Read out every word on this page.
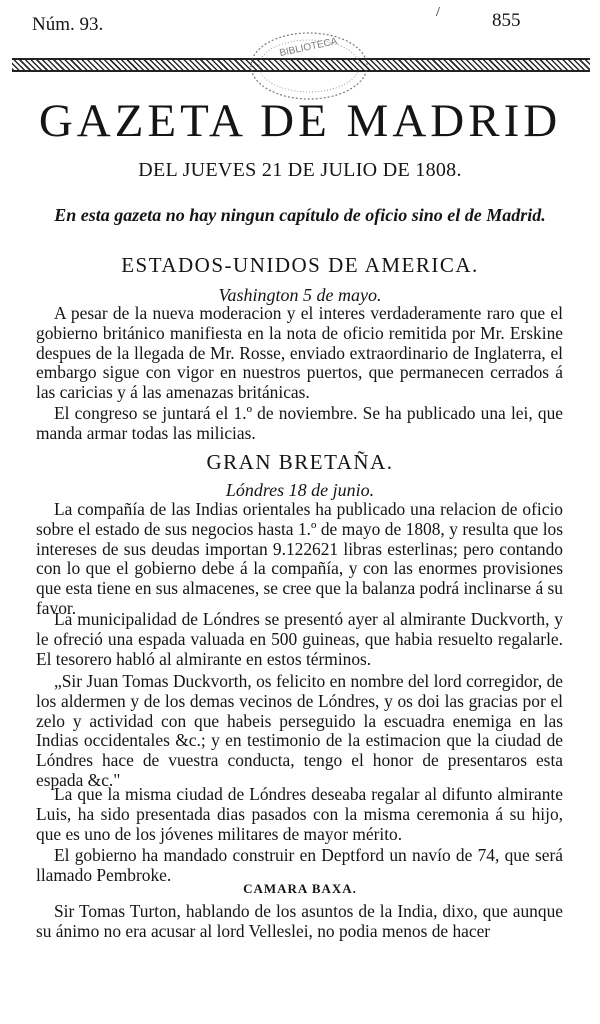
Núm. 93.
/	855
BIBLIOTECA
GAZETA DE MADRID
DEL JUEVES 21 DE JULIO DE 1808.
En esta gazeta no hay ningun capítulo de oficio sino el de Madrid.
ESTADOS-UNIDOS DE AMERICA.
Vashington 5 de mayo.
A pesar de la nueva moderacion y el interes verdaderamente raro que el gobierno británico manifiesta en la nota de oficio remitida por Mr. Erskine despues de la llegada de Mr. Rosse, enviado extraordinario de Inglaterra, el embargo sigue con vigor en nuestros puertos, que permanecen cerrados á las caricias y á las amenazas británicas.
El congreso se juntará el 1.º de noviembre. Se ha publicado una lei, que manda armar todas las milicias.
GRAN BRETAÑA.
Lóndres 18 de junio.
La compañía de las Indias orientales ha publicado una relacion de oficio sobre el estado de sus negocios hasta 1.º de mayo de 1808, y resulta que los intereses de sus deudas importan 9.122621 libras esterlinas; pero contando con lo que el gobierno debe á la compañía, y con las enormes provisiones que esta tiene en sus almacenes, se cree que la balanza podrá inclinarse á su favor.
La municipalidad de Lóndres se presentó ayer al almirante Duckvorth, y le ofreció una espada valuada en 500 guineas, que habia resuelto regalarle. El tesorero habló al almirante en estos términos.
„Sir Juan Tomas Duckvorth, os felicito en nombre del lord corregidor, de los aldermen y de los demas vecinos de Lóndres, y os doi las gracias por el zelo y actividad con que habeis perseguido la escuadra enemiga en las Indias occidentales &c.; y en testimonio de la estimacion que la ciudad de Lóndres hace de vuestra conducta, tengo el honor de presentaros esta espada &c."
La que la misma ciudad de Lóndres deseaba regalar al difunto almirante Luis, ha sido presentada dias pasados con la misma ceremonia á su hijo, que es uno de los jóvenes militares de mayor mérito.
El gobierno ha mandado construir en Deptford un navío de 74, que será llamado Pembroke.
CAMARA BAXA.
Sir Tomas Turton, hablando de los asuntos de la India, dixo, que aunque su ánimo no era acusar al lord Velleslei, no podia menos de hacer
